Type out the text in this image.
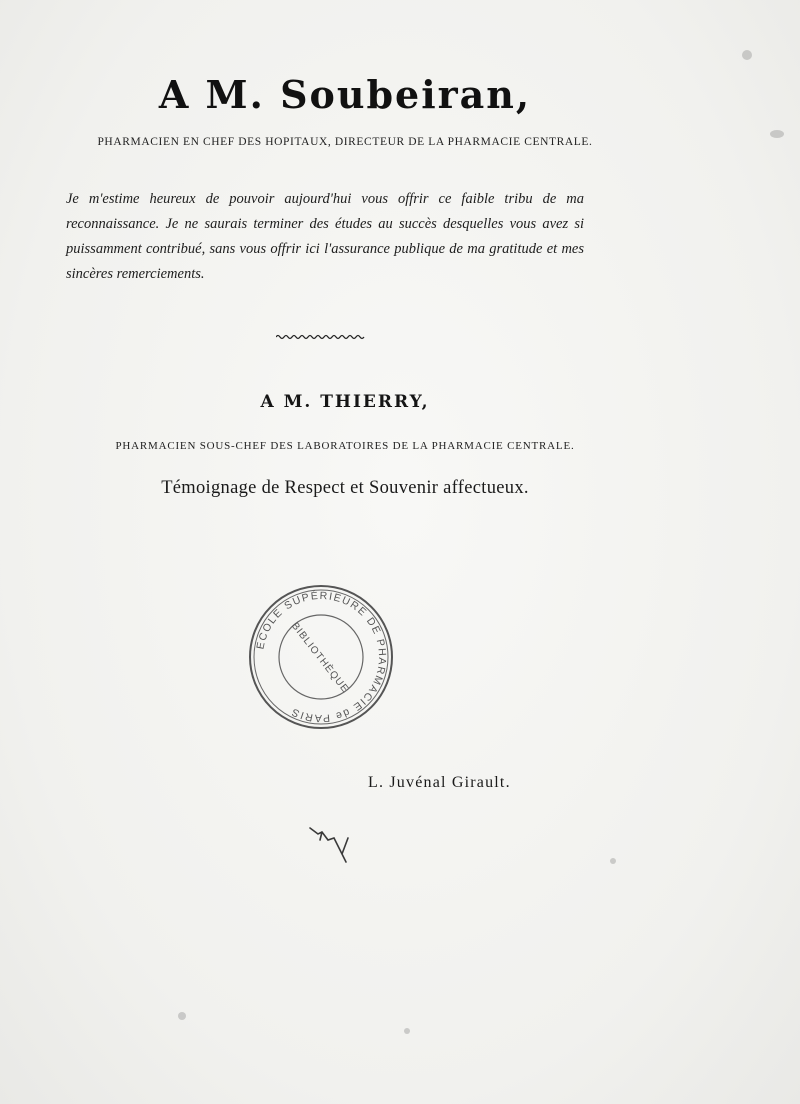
A M. Soubeiran,
PHARMACIEN EN CHEF DES HOPITAUX, DIRECTEUR DE LA PHARMACIE CENTRALE.
Je m'estime heureux de pouvoir aujourd'hui vous offrir ce faible tribu de ma reconnaissance. Je ne saurais terminer des études au succès desquelles vous avez si puissamment contribué, sans vous offrir ici l'assurance publique de ma gratitude et mes sincères remerciements.
A M. THIERRY,
PHARMACIEN SOUS-CHEF DES LABORATOIRES DE LA PHARMACIE CENTRALE.
Témoignage de Respect et Souvenir affectueux.
ECOLE SUPÉRIEURE DE PHARMACIE de PARIS
BIBLIOTHÈQUE
L. Juvénal Girault.
